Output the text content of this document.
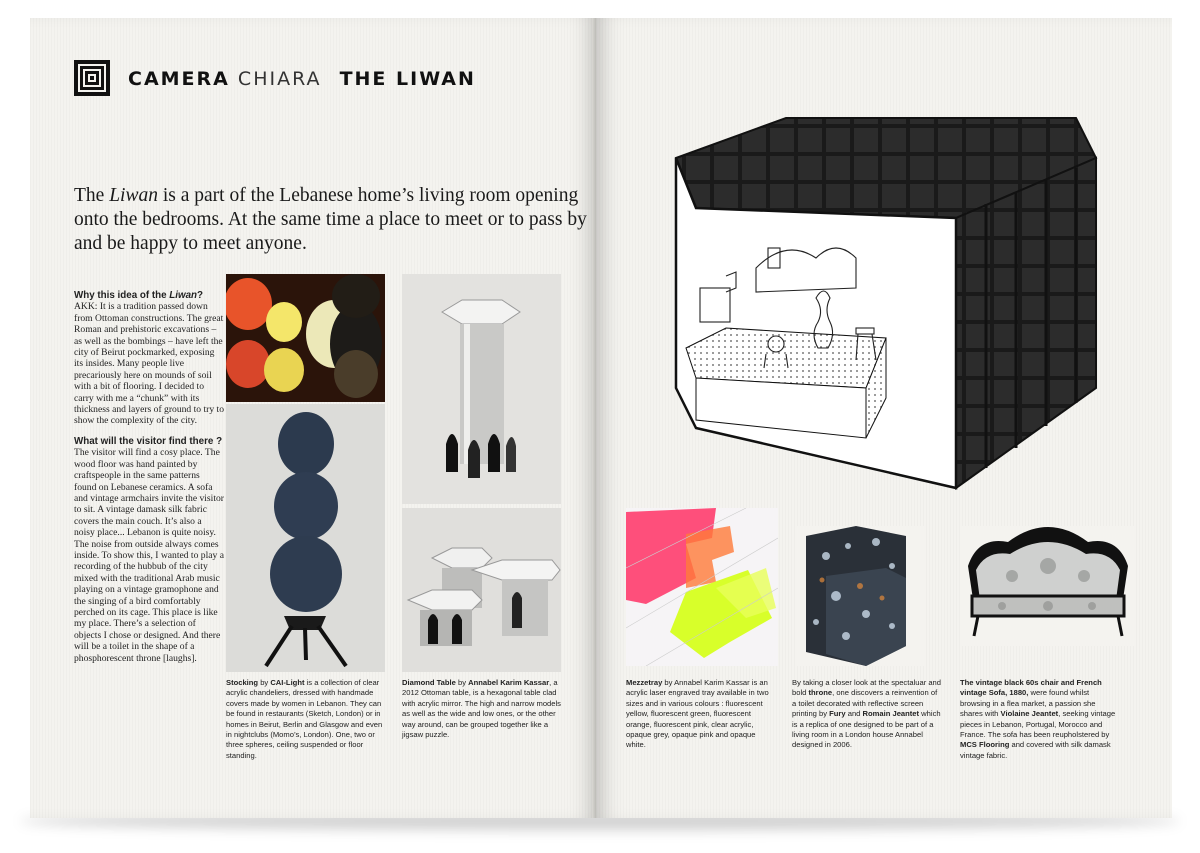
CAMERA CHIARA THE LIWAN
The Liwan is a part of the Lebanese home’s living room opening onto the bedrooms. At the same time a place to meet or to pass by and be happy to meet anyone.
Why this idea of the Liwan?

AKK: It is a tradition passed down from Ottoman constructions. The great Roman and prehistoric excavations – as well as the bombings – have left the city of Beirut pockmarked, exposing its insides. Many people live precariously here on mounds of soil with a bit of flooring. I decided to carry with me a “chunk” with its thickness and layers of ground to try to show the complexity of the city.

What will the visitor find there ?

The visitor will find a cosy place. The wood floor was hand painted by craftspeople in the same patterns found on Lebanese ceramics. A sofa and vintage armchairs invite the visitor to sit. A vintage damask silk fabric covers the main couch. It’s also a noisy place... Lebanon is quite noisy. The noise from outside always comes inside. To show this, I wanted to play a recording of the hubbub of the city mixed with the traditional Arab music playing on a vintage gramophone and the singing of a bird comfortably perched on its cage. This place is like my place. There’s a selection of objects I chose or designed. And there will be a toilet in the shape of a phosphorescent throne [laughs].

Stocking by CAI-Light is a collection of clear acrylic chandeliers, dressed with handmade covers made by women in Lebanon. They can be found in restaurants (Sketch, London) or in homes in Beirut, Berlin and Glasgow and even in nightclubs (Momo’s, London). One, two or three spheres, ceiling suspended or floor standing.
Diamond Table by Annabel Karim Kassar, a 2012 Ottoman table, is a hexagonal table clad with acrylic mirror. The high and narrow models as well as the wide and low ones, or the other way around, can be grouped together like a jigsaw puzzle.
Mezzetray by Annabel Karim Kassar is an acrylic laser engraved tray available in two sizes and in various colours : fluorescent yellow, fluorescent green, fluorescent orange, fluorescent pink, clear acrylic, opaque grey, opaque pink and opaque white.
By taking a closer look at the spectaluar and bold throne, one discovers a reinvention of a toilet decorated with reflective screen printing by Fury and Romain Jeantet which is a replica of one designed to be part of a living room in a London house Annabel designed in 2006.
The vintage black 60s chair and French vintage Sofa, 1880, were found whilst browsing in a flea market, a passion she shares with Violaine Jeantet, seeking vintage pieces in Lebanon, Portugal, Morocco and France. The sofa has been reupholstered by MCS Flooring and covered with silk damask vintage fabric.
